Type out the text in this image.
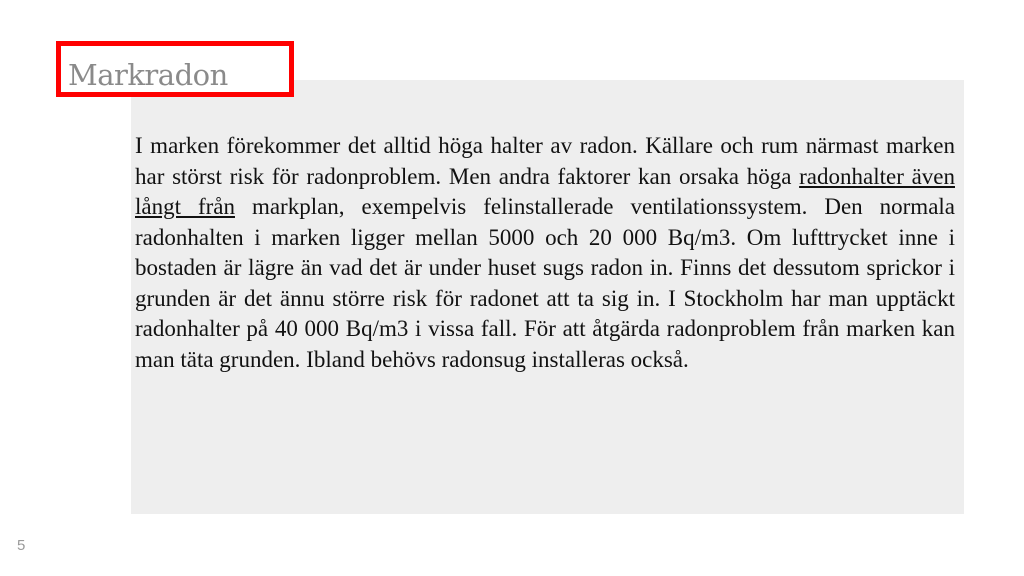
Markradon

I marken förekommer det alltid höga halter av radon. Källare och rum närmast marken har störst risk för radonproblem. Men andra faktorer kan orsaka höga radonhalter även långt från markplan, exempelvis felinstallerade ventilationssystem. Den normala radonhalten i marken ligger mellan 5000 och 20 000 Bq/m3. Om lufttrycket inne i bostaden är lägre än vad det är under huset sugs radon in. Finns det dessutom sprickor i grunden är det ännu större risk för radonet att ta sig in. I Stockholm har man upptäckt radonhalter på 40 000 Bq/m3 i vissa fall. För att åtgärda radonproblem från marken kan man täta grunden. Ibland behövs radonsug installeras också.

5
